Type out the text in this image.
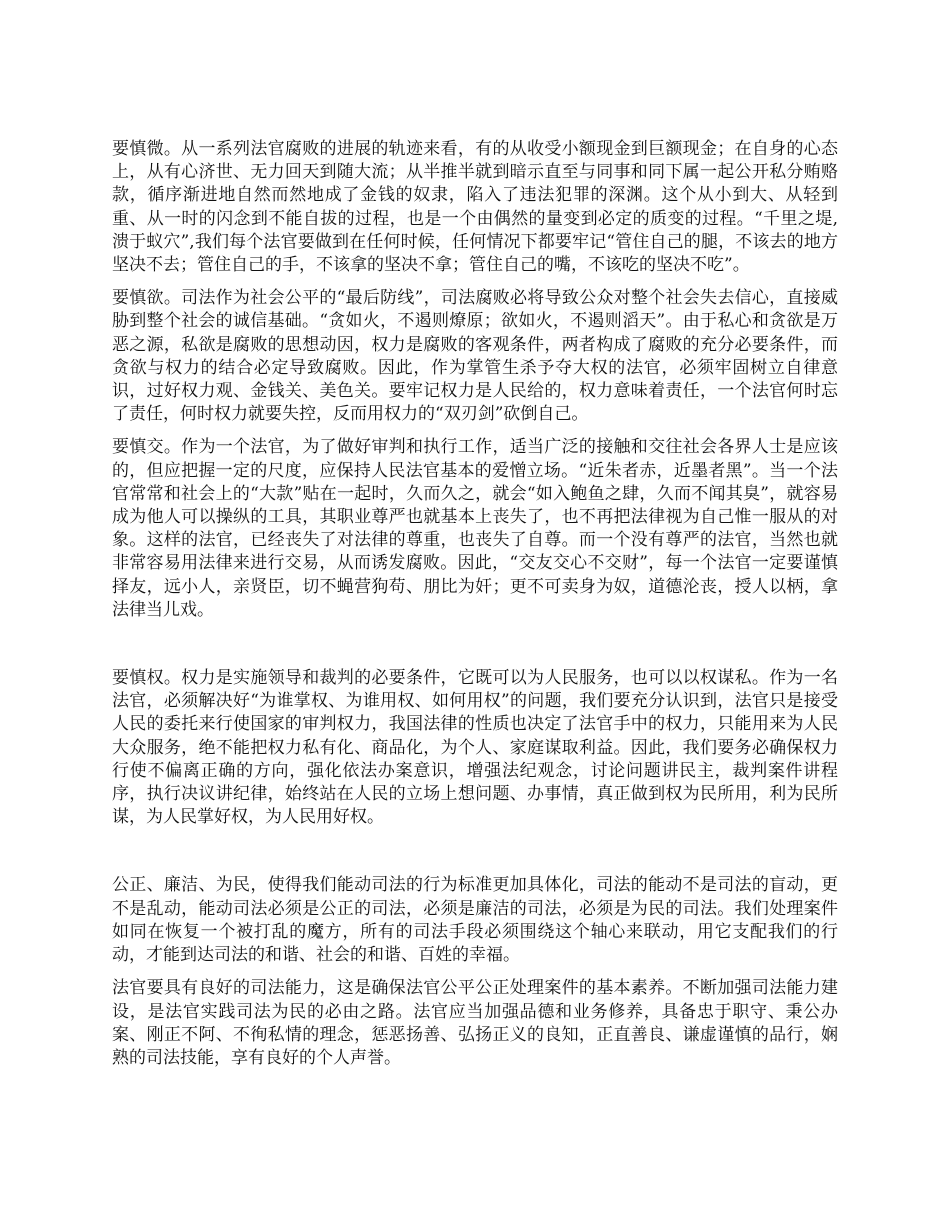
要慎微。从一系列法官腐败的进展的轨迹来看，有的从收受小额现金到巨额现金；在自身的心态上，从有心济世、无力回天到随大流；从半推半就到暗示直至与同事和同下属一起公开私分贿赂款，循序渐进地自然而然地成了金钱的奴隶，陷入了违法犯罪的深渊。这个从小到大、从轻到重、从一时的闪念到不能自拔的过程，也是一个由偶然的量变到必定的质变的过程。“千里之堤,溃于蚁穴”,我们每个法官要做到在任何时候，任何情况下都要牢记“管住自己的腿，不该去的地方坚决不去；管住自己的手，不该拿的坚决不拿；管住自己的嘴，不该吃的坚决不吃”。

要慎欲。司法作为社会公平的“最后防线”，司法腐败必将导致公众对整个社会失去信心，直接威胁到整个社会的诚信基础。“贪如火，不遏则燎原；欲如火，不遏则滔天”。由于私心和贪欲是万恶之源，私欲是腐败的思想动因，权力是腐败的客观条件，两者构成了腐败的充分必要条件，而贪欲与权力的结合必定导致腐败。因此，作为掌管生杀予夺大权的法官，必须牢固树立自律意识，过好权力观、金钱关、美色关。要牢记权力是人民给的，权力意味着责任，一个法官何时忘了责任，何时权力就要失控，反而用权力的“双刃剑”砍倒自己。

要慎交。作为一个法官，为了做好审判和执行工作，适当广泛的接触和交往社会各界人士是应该的，但应把握一定的尺度，应保持人民法官基本的爱憎立场。“近朱者赤，近墨者黑”。当一个法官常常和社会上的“大款”贴在一起时，久而久之，就会“如入鲍鱼之肆，久而不闻其臭”，就容易成为他人可以操纵的工具，其职业尊严也就基本上丧失了，也不再把法律视为自己惟一服从的对象。这样的法官，已经丧失了对法律的尊重，也丧失了自尊。而一个没有尊严的法官，当然也就非常容易用法律来进行交易，从而诱发腐败。因此，“交友交心不交财”，每一个法官一定要谨慎择友，远小人，亲贤臣，切不蝇营狗苟、朋比为奸；更不可卖身为奴，道德沦丧，授人以柄，拿法律当儿戏。

要慎权。权力是实施领导和裁判的必要条件，它既可以为人民服务，也可以以权谋私。作为一名法官，必须解决好“为谁掌权、为谁用权、如何用权”的问题，我们要充分认识到，法官只是接受人民的委托来行使国家的审判权力，我国法律的性质也决定了法官手中的权力，只能用来为人民大众服务，绝不能把权力私有化、商品化，为个人、家庭谋取利益。因此，我们要务必确保权力行使不偏离正确的方向，强化依法办案意识，增强法纪观念，讨论问题讲民主，裁判案件讲程序，执行决议讲纪律，始终站在人民的立场上想问题、办事情，真正做到权为民所用，利为民所谋，为人民掌好权，为人民用好权。

公正、廉洁、为民，使得我们能动司法的行为标准更加具体化，司法的能动不是司法的盲动，更不是乱动，能动司法必须是公正的司法，必须是廉洁的司法，必须是为民的司法。我们处理案件如同在恢复一个被打乱的魔方，所有的司法手段必须围绕这个轴心来联动，用它支配我们的行动，才能到达司法的和谐、社会的和谐、百姓的幸福。

法官要具有良好的司法能力，这是确保法官公平公正处理案件的基本素养。不断加强司法能力建设，是法官实践司法为民的必由之路。法官应当加强品德和业务修养，具备忠于职守、秉公办案、刚正不阿、不徇私情的理念，惩恶扬善、弘扬正义的良知，正直善良、谦虚谨慎的品行，娴熟的司法技能，享有良好的个人声誉。
